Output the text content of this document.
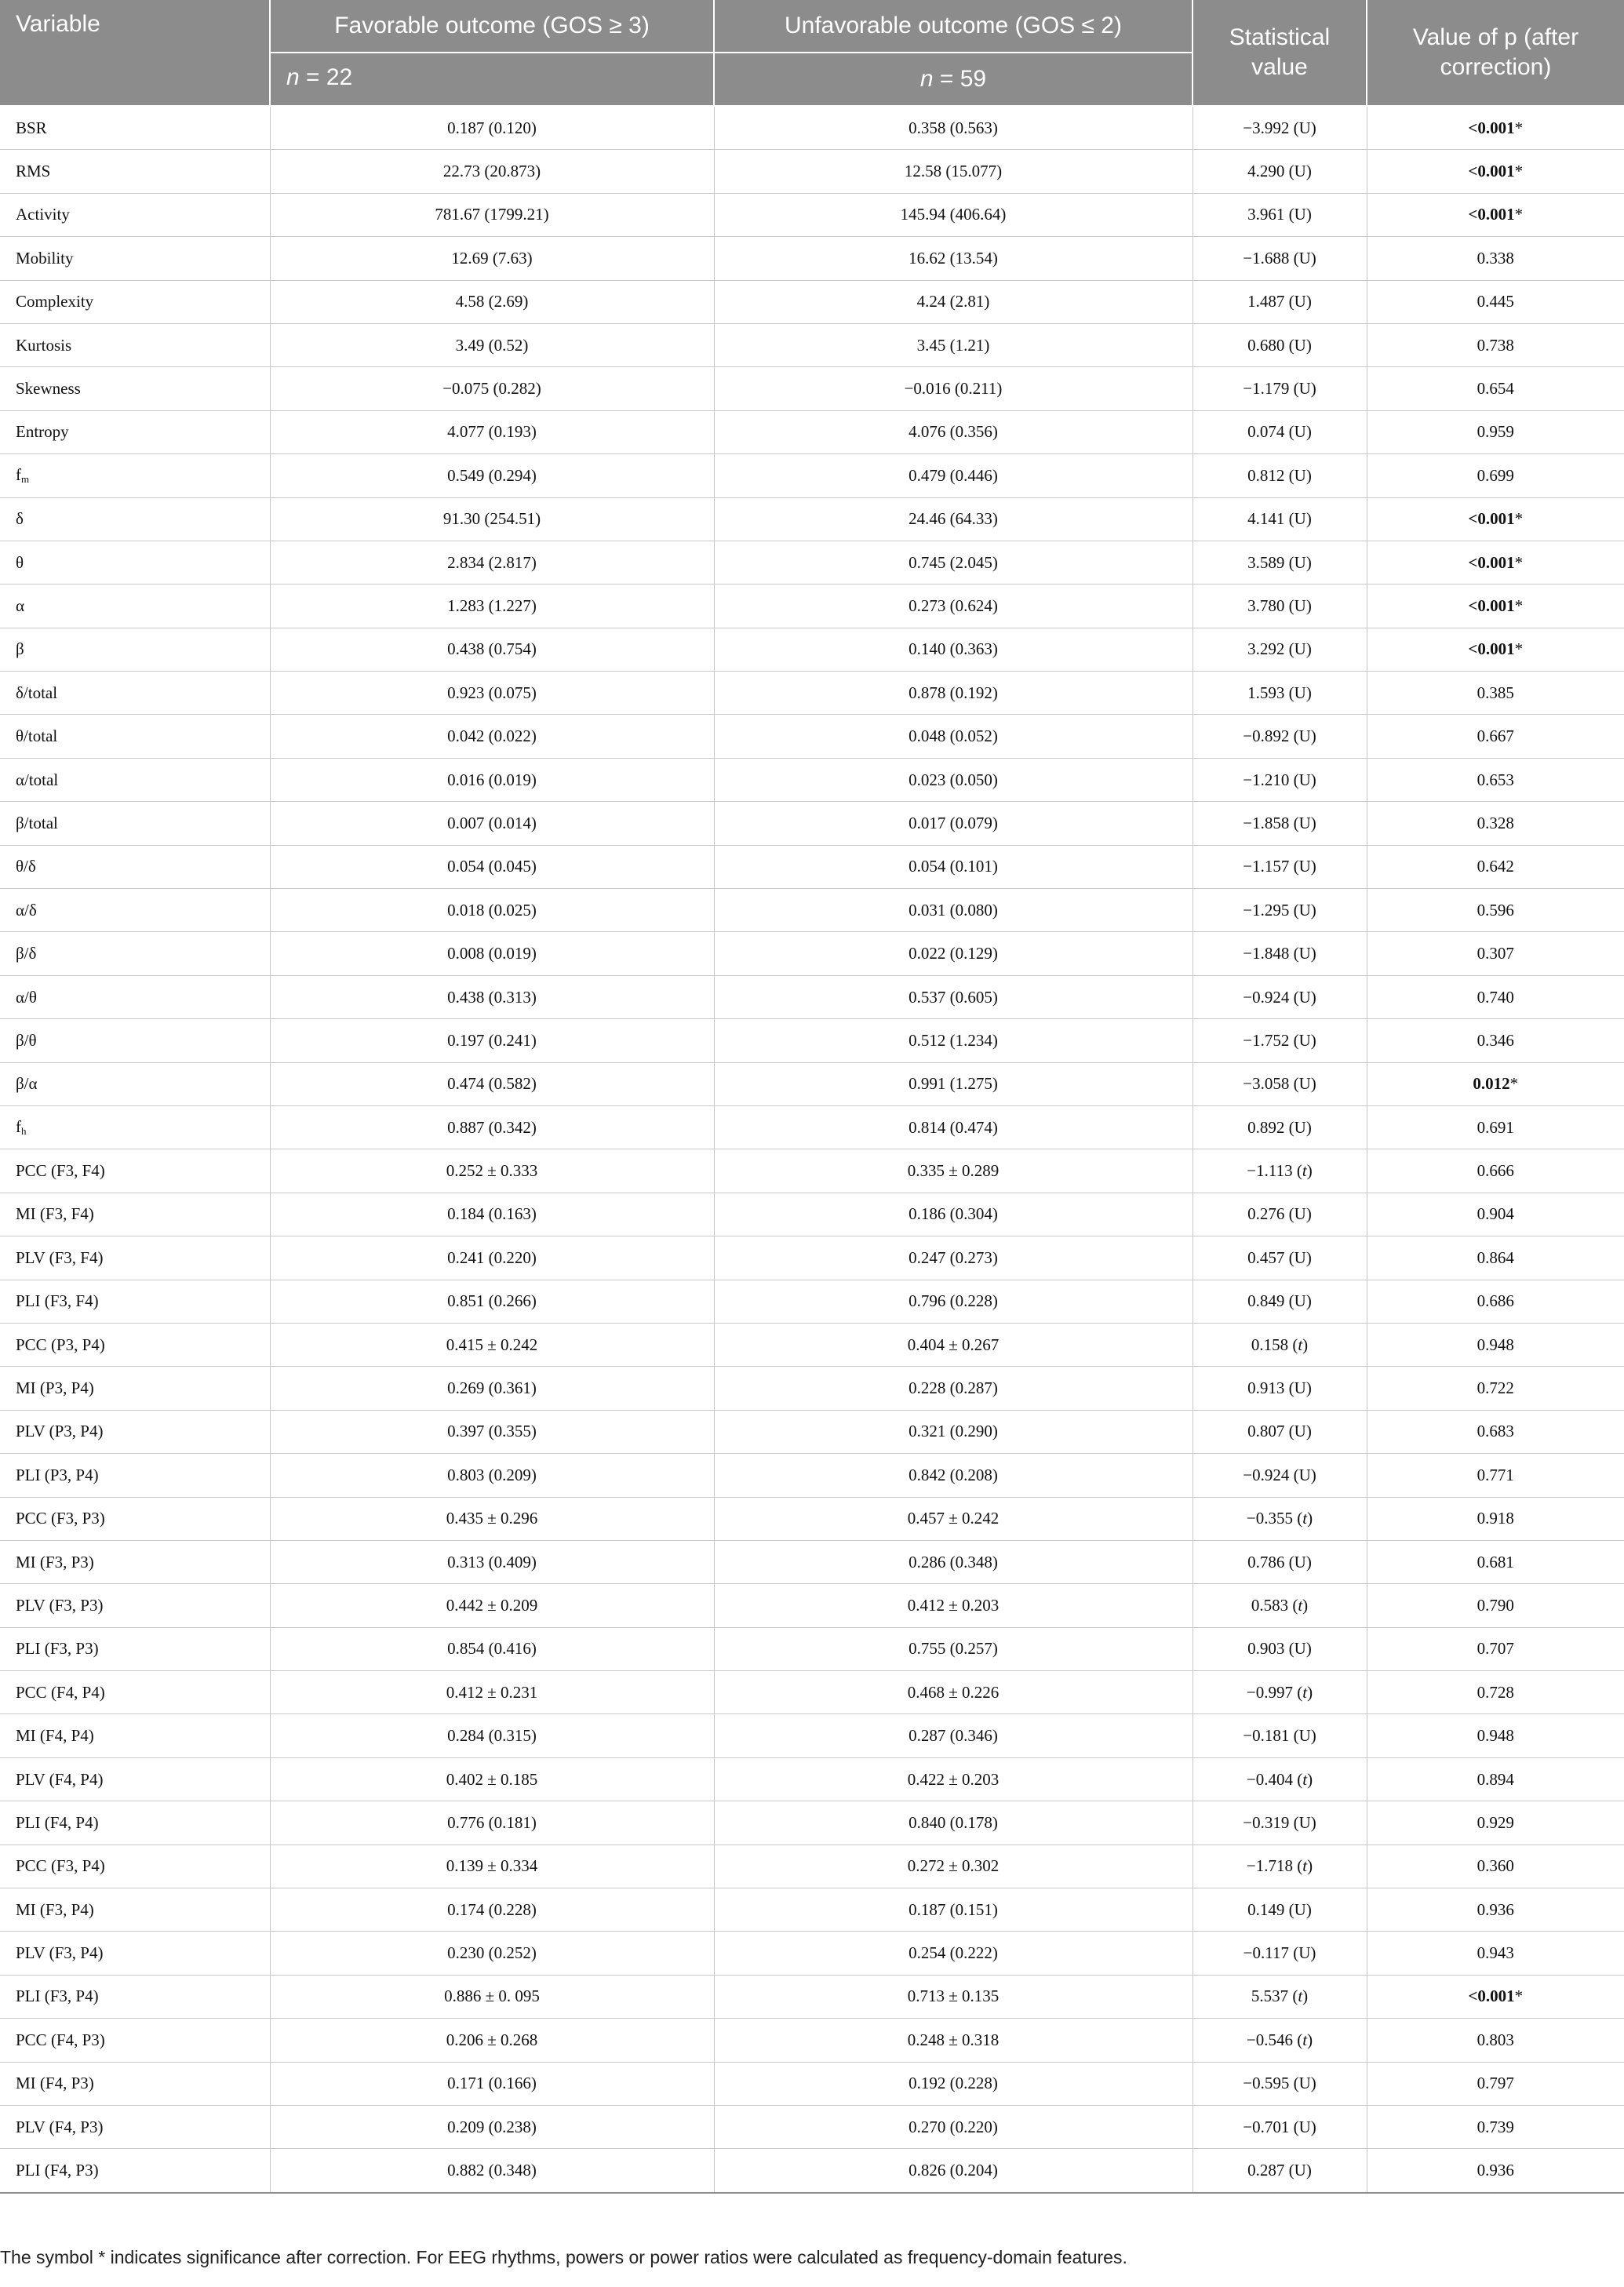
Variable	Favorable outcome (GOS ≥ 3)	Unfavorable outcome (GOS ≤ 2)	Statistical value	Value of p (after correction)
	n = 22	n = 59		
BSR	0.187 (0.120)	0.358 (0.563)	−3.992 (U)	<0.001*
RMS	22.73 (20.873)	12.58 (15.077)	4.290 (U)	<0.001*
Activity	781.67 (1799.21)	145.94 (406.64)	3.961 (U)	<0.001*
Mobility	12.69 (7.63)	16.62 (13.54)	−1.688 (U)	0.338
Complexity	4.58 (2.69)	4.24 (2.81)	1.487 (U)	0.445
Kurtosis	3.49 (0.52)	3.45 (1.21)	0.680 (U)	0.738
Skewness	−0.075 (0.282)	−0.016 (0.211)	−1.179 (U)	0.654
Entropy	4.077 (0.193)	4.076 (0.356)	0.074 (U)	0.959
$f_m$	0.549 (0.294)	0.479 (0.446)	0.812 (U)	0.699
δ	91.30 (254.51)	24.46 (64.33)	4.141 (U)	<0.001*
θ	2.834 (2.817)	0.745 (2.045)	3.589 (U)	<0.001*
α	1.283 (1.227)	0.273 (0.624)	3.780 (U)	<0.001*
β	0.438 (0.754)	0.140 (0.363)	3.292 (U)	<0.001*
δ/total	0.923 (0.075)	0.878 (0.192)	1.593 (U)	0.385
θ/total	0.042 (0.022)	0.048 (0.052)	−0.892 (U)	0.667
α/total	0.016 (0.019)	0.023 (0.050)	−1.210 (U)	0.653
β/total	0.007 (0.014)	0.017 (0.079)	−1.858 (U)	0.328
θ/δ	0.054 (0.045)	0.054 (0.101)	−1.157 (U)	0.642
α/δ	0.018 (0.025)	0.031 (0.080)	−1.295 (U)	0.596
β/δ	0.008 (0.019)	0.022 (0.129)	−1.848 (U)	0.307
α/θ	0.438 (0.313)	0.537 (0.605)	−0.924 (U)	0.740
β/θ	0.197 (0.241)	0.512 (1.234)	−1.752 (U)	0.346
β/α	0.474 (0.582)	0.991 (1.275)	−3.058 (U)	0.012*
$f_h$	0.887 (0.342)	0.814 (0.474)	0.892 (U)	0.691
PCC (F3, F4)	0.252 ± 0.333	0.335 ± 0.289	−1.113 (t)	0.666
MI (F3, F4)	0.184 (0.163)	0.186 (0.304)	0.276 (U)	0.904
PLV (F3, F4)	0.241 (0.220)	0.247 (0.273)	0.457 (U)	0.864
PLI (F3, F4)	0.851 (0.266)	0.796 (0.228)	0.849 (U)	0.686
PCC (P3, P4)	0.415 ± 0.242	0.404 ± 0.267	0.158 (t)	0.948
MI (P3, P4)	0.269 (0.361)	0.228 (0.287)	0.913 (U)	0.722
PLV (P3, P4)	0.397 (0.355)	0.321 (0.290)	0.807 (U)	0.683
PLI (P3, P4)	0.803 (0.209)	0.842 (0.208)	−0.924 (U)	0.771
PCC (F3, P3)	0.435 ± 0.296	0.457 ± 0.242	−0.355 (t)	0.918
MI (F3, P3)	0.313 (0.409)	0.286 (0.348)	0.786 (U)	0.681
PLV (F3, P3)	0.442 ± 0.209	0.412 ± 0.203	0.583 (t)	0.790
PLI (F3, P3)	0.854 (0.416)	0.755 (0.257)	0.903 (U)	0.707
PCC (F4, P4)	0.412 ± 0.231	0.468 ± 0.226	−0.997 (t)	0.728
MI (F4, P4)	0.284 (0.315)	0.287 (0.346)	−0.181 (U)	0.948
PLV (F4, P4)	0.402 ± 0.185	0.422 ± 0.203	−0.404 (t)	0.894
PLI (F4, P4)	0.776 (0.181)	0.840 (0.178)	−0.319 (U)	0.929
PCC (F3, P4)	0.139 ± 0.334	0.272 ± 0.302	−1.718 (t)	0.360
MI (F3, P4)	0.174 (0.228)	0.187 (0.151)	0.149 (U)	0.936
PLV (F3, P4)	0.230 (0.252)	0.254 (0.222)	−0.117 (U)	0.943
PLI (F3, P4)	0.886 ± 0. 095	0.713 ± 0.135	5.537 (t)	<0.001*
PCC (F4, P3)	0.206 ± 0.268	0.248 ± 0.318	−0.546 (t)	0.803
MI (F4, P3)	0.171 (0.166)	0.192 (0.228)	−0.595 (U)	0.797
PLV (F4, P3)	0.209 (0.238)	0.270 (0.220)	−0.701 (U)	0.739
PLI (F4, P3)	0.882 (0.348)	0.826 (0.204)	0.287 (U)	0.936
The symbol * indicates significance after correction. For EEG rhythms, powers or power ratios were calculated as frequency-domain features.
